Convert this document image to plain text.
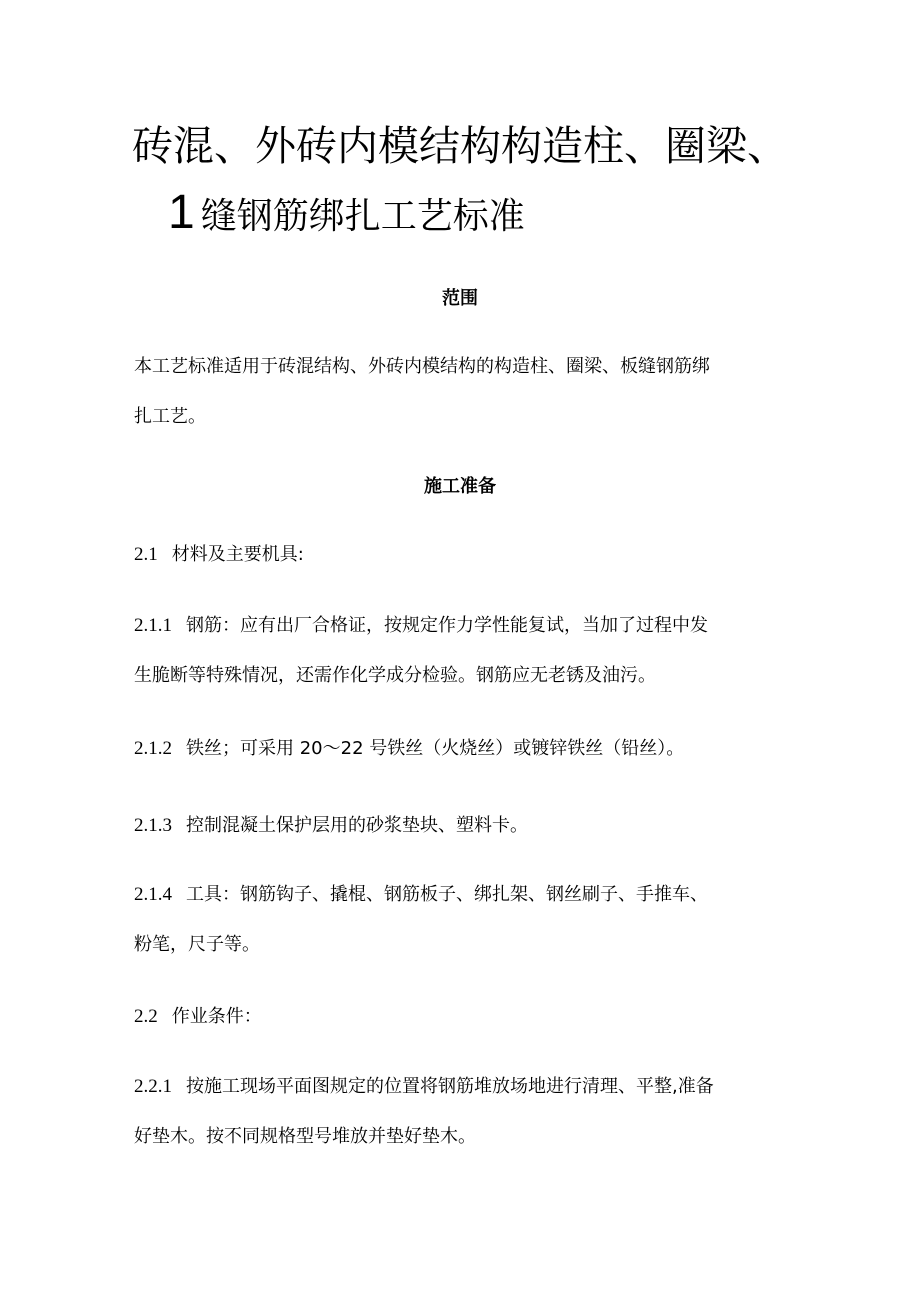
砖混、外砖内模结构构造柱、圈梁、
1 缝钢筋绑扎工艺标准
范围
本工艺标准适用于砖混结构、外砖内模结构的构造柱、圈梁、板缝钢筋绑
扎工艺。
施工准备
2.1 材料及主要机具:
2.1.1 钢筋：应有出厂合格证，按规定作力学性能复试，当加了过程中发
生脆断等特殊情况，还需作化学成分检验。钢筋应无老锈及油污。
2.1.2 铁丝；可采用 20～22 号铁丝（火烧丝）或镀锌铁丝（铅丝）。
2.1.3 控制混凝土保护层用的砂浆垫块、塑料卡。
2.1.4 工具：钢筋钩子、撬棍、钢筋板子、绑扎架、钢丝刷子、手推车、
粉笔，尺子等。
2.2 作业条件：
2.2.1 按施工现场平面图规定的位置将钢筋堆放场地进行清理、平整,准备
好垫木。按不同规格型号堆放并垫好垫木。
